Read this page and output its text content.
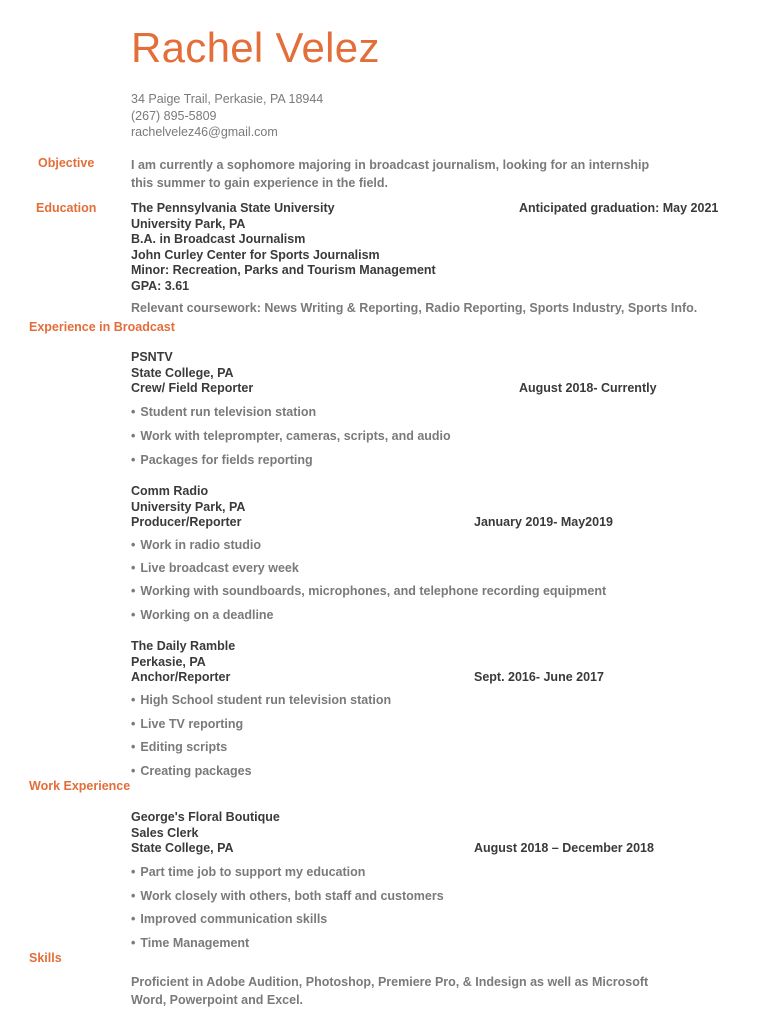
Rachel Velez
34 Paige Trail, Perkasie, PA 18944
(267) 895-5809
rachelvelez46@gmail.com
Objective	I am currently a sophomore majoring in broadcast journalism, looking for an internship
this summer to gain experience in the field.
Education	The Pennsylvania State University
University Park, PA
B.A. in Broadcast Journalism
John Curley Center for Sports Journalism
Minor: Recreation, Parks and Tourism Management
GPA: 3.61
Anticipated graduation: May 2021
Relevant coursework: News Writing & Reporting, Radio Reporting, Sports Industry, Sports Info.
Experience in Broadcast
PSNTV
State College, PA
Crew/ Field Reporter	August 2018- Currently
• Student run television station
• Work with teleprompter, cameras, scripts, and audio
• Packages for fields reporting
Comm Radio
University Park, PA
Producer/Reporter	January 2019- May2019
• Work in radio studio
• Live broadcast every week
• Working with soundboards, microphones, and telephone recording equipment
• Working on a deadline
The Daily Ramble
Perkasie, PA
Anchor/Reporter	Sept. 2016- June 2017
• High School student run television station
• Live TV reporting
• Editing scripts
• Creating packages
Work Experience
George's Floral Boutique
Sales Clerk
State College, PA	August 2018 – December 2018
• Part time job to support my education
• Work closely with others, both staff and customers
• Improved communication skills
• Time Management
Skills
Proficient in Adobe Audition, Photoshop, Premiere Pro, & Indesign as well as Microsoft
Word, Powerpoint and Excel.
